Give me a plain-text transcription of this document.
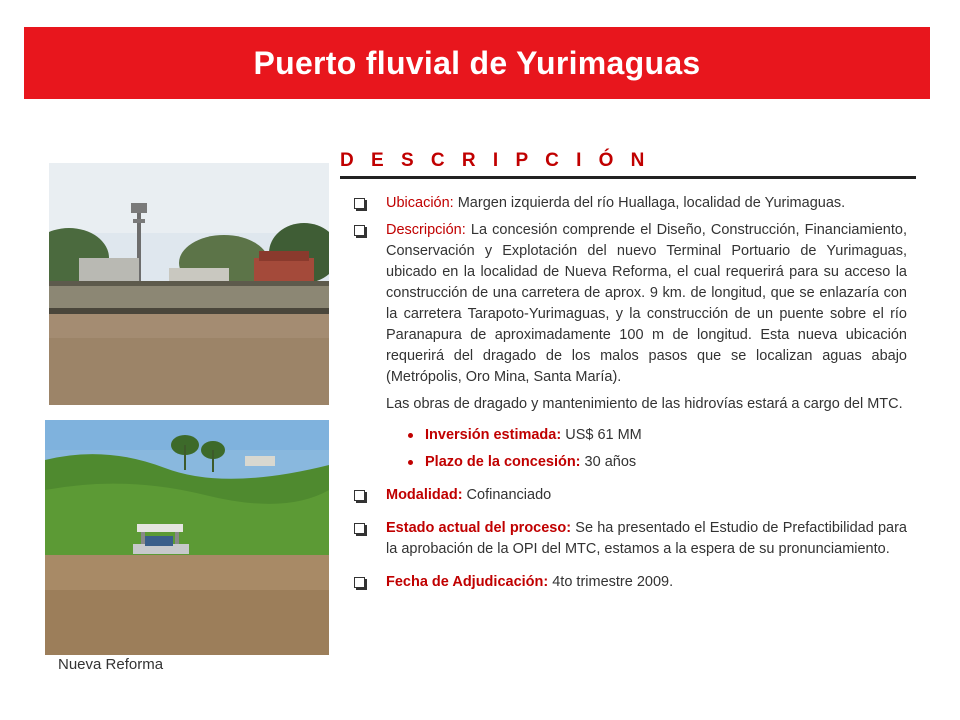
Puerto fluvial de Yurimaguas
D E S C R I P C I Ó N
Nueva Reforma
Ubicación: Margen izquierda del río Huallaga, localidad de Yurimaguas.
Descripción: La concesión comprende el Diseño, Construcción, Financiamiento, Conservación y Explotación del nuevo Terminal Portuario de Yurimaguas, ubicado en la localidad de Nueva Reforma, el cual requerirá para su acceso la construcción de una carretera de aprox. 9 km. de longitud, que se enlazaría con la carretera Tarapoto-Yurimaguas, y la construcción de un puente sobre el río Paranapura de aproximadamente 100 m de longitud. Esta nueva ubicación requerirá del dragado de los malos pasos que se localizan aguas abajo (Metrópolis, Oro Mina, Santa María).
Las obras de dragado y mantenimiento de las hidrovías estará a cargo del MTC.
Inversión estimada: US$ 61 MM
Plazo de la concesión: 30 años
Modalidad: Cofinanciado
Estado actual del proceso: Se ha presentado el Estudio de Prefactibilidad para la aprobación de la OPI del MTC, estamos a la espera de su pronunciamiento.
Fecha de Adjudicación: 4to trimestre 2009.
